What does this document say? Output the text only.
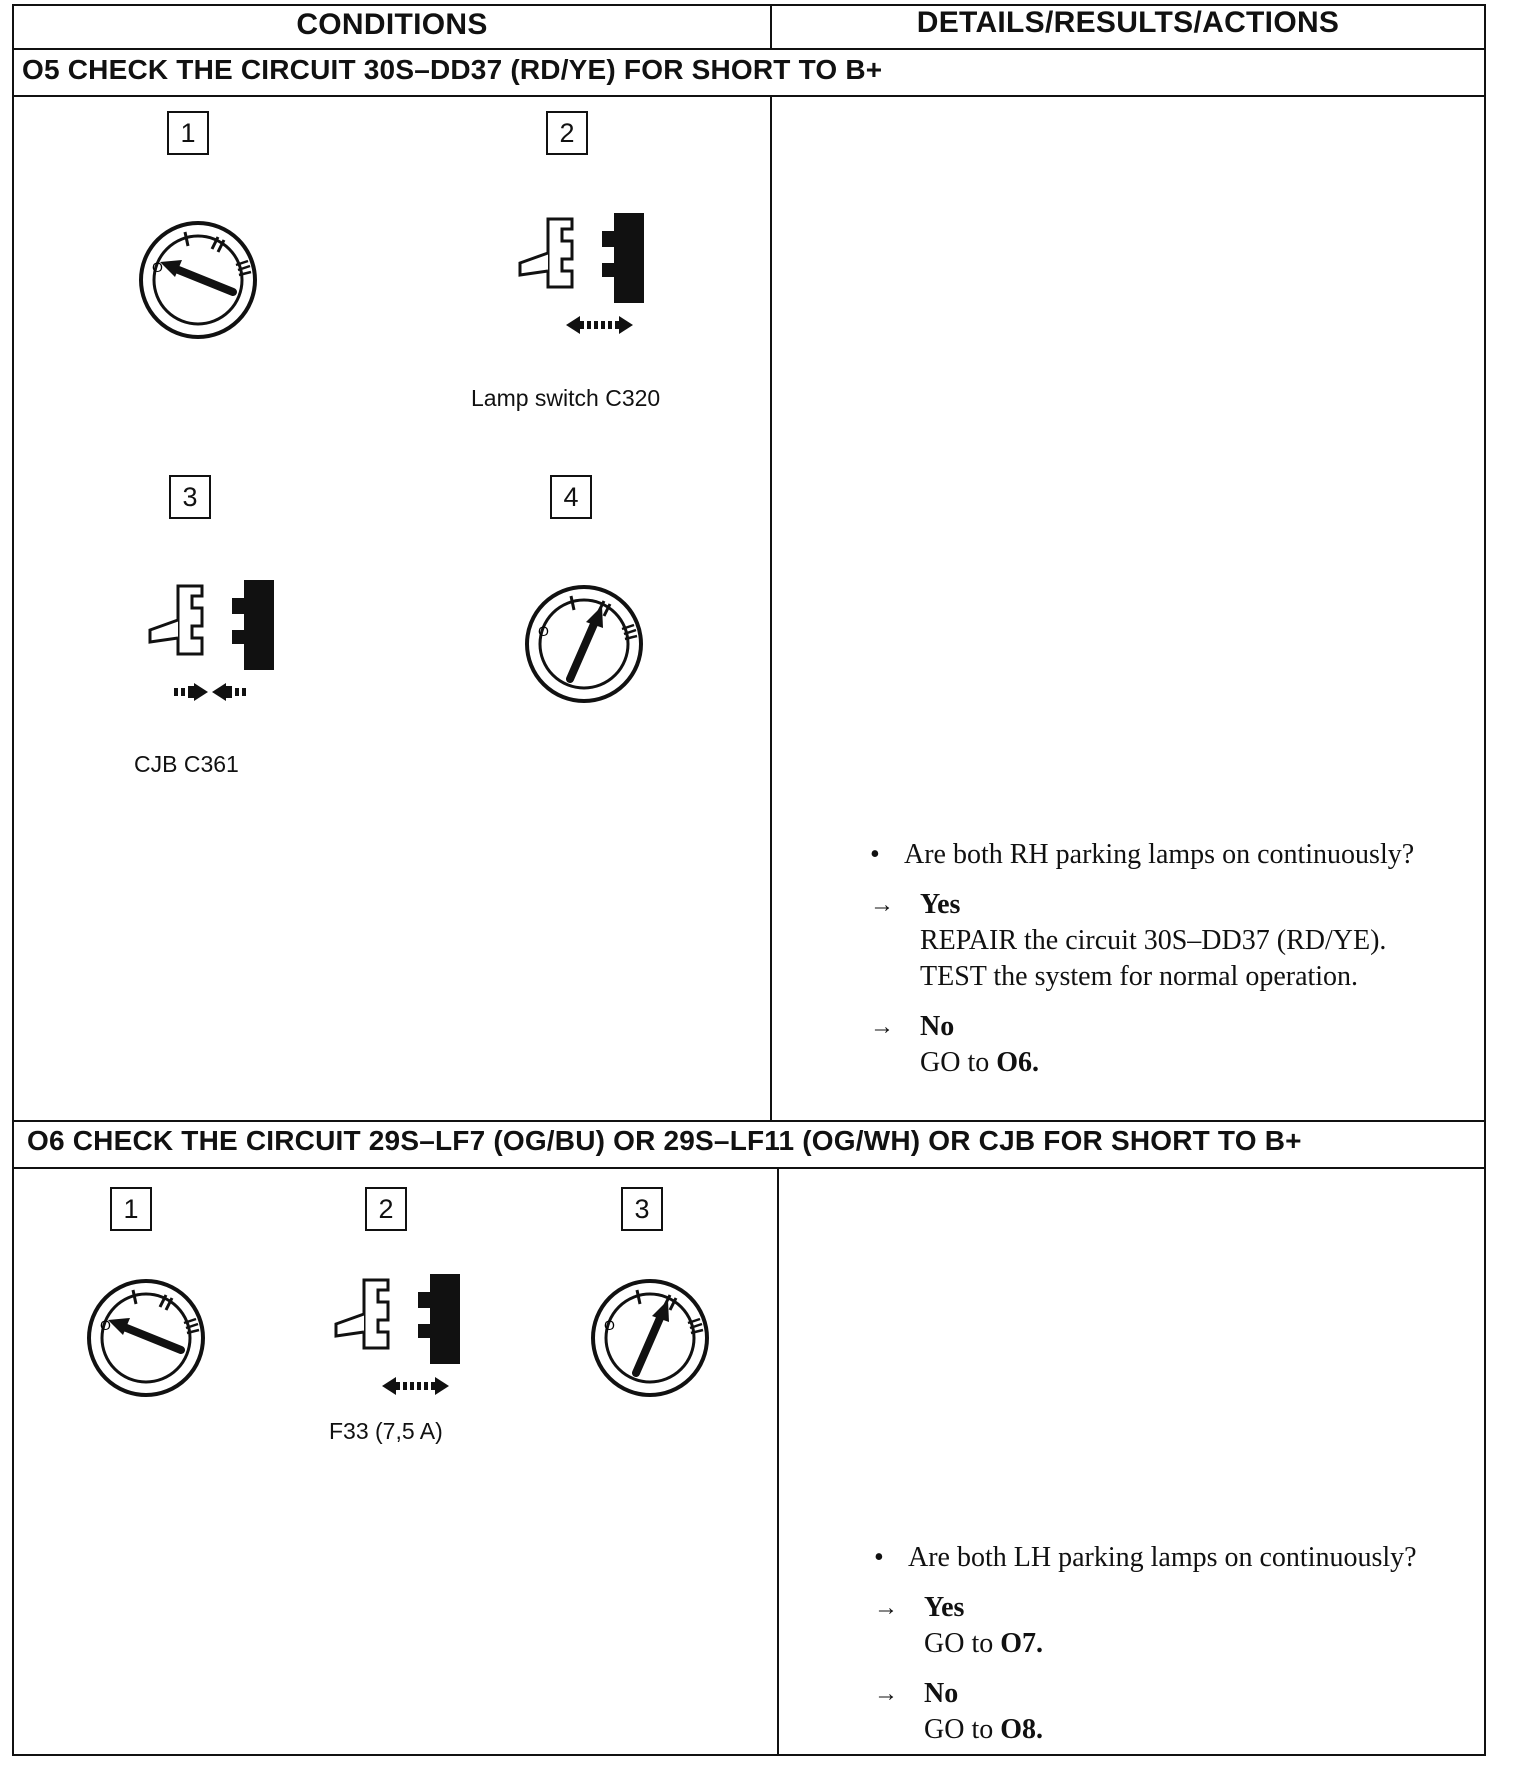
CONDITIONS	DETAILS/RESULTS/ACTIONS
O5 CHECK THE CIRCUIT 30S–DD37 (RD/YE) FOR SHORT TO B+
1	2
3	4
Lamp switch C320
CJB C361
• Are both RH parking lamps on continuously?
→ Yes
REPAIR the circuit 30S–DD37 (RD/YE).
TEST the system for normal operation.
→ No
GO to O6.
O6 CHECK THE CIRCUIT 29S–LF7 (OG/BU) OR 29S–LF11 (OG/WH) OR CJB FOR SHORT TO B+
1	2	3
F33 (7,5 A)
• Are both LH parking lamps on continuously?
→ Yes
GO to O7.
→ No
GO to O8.
